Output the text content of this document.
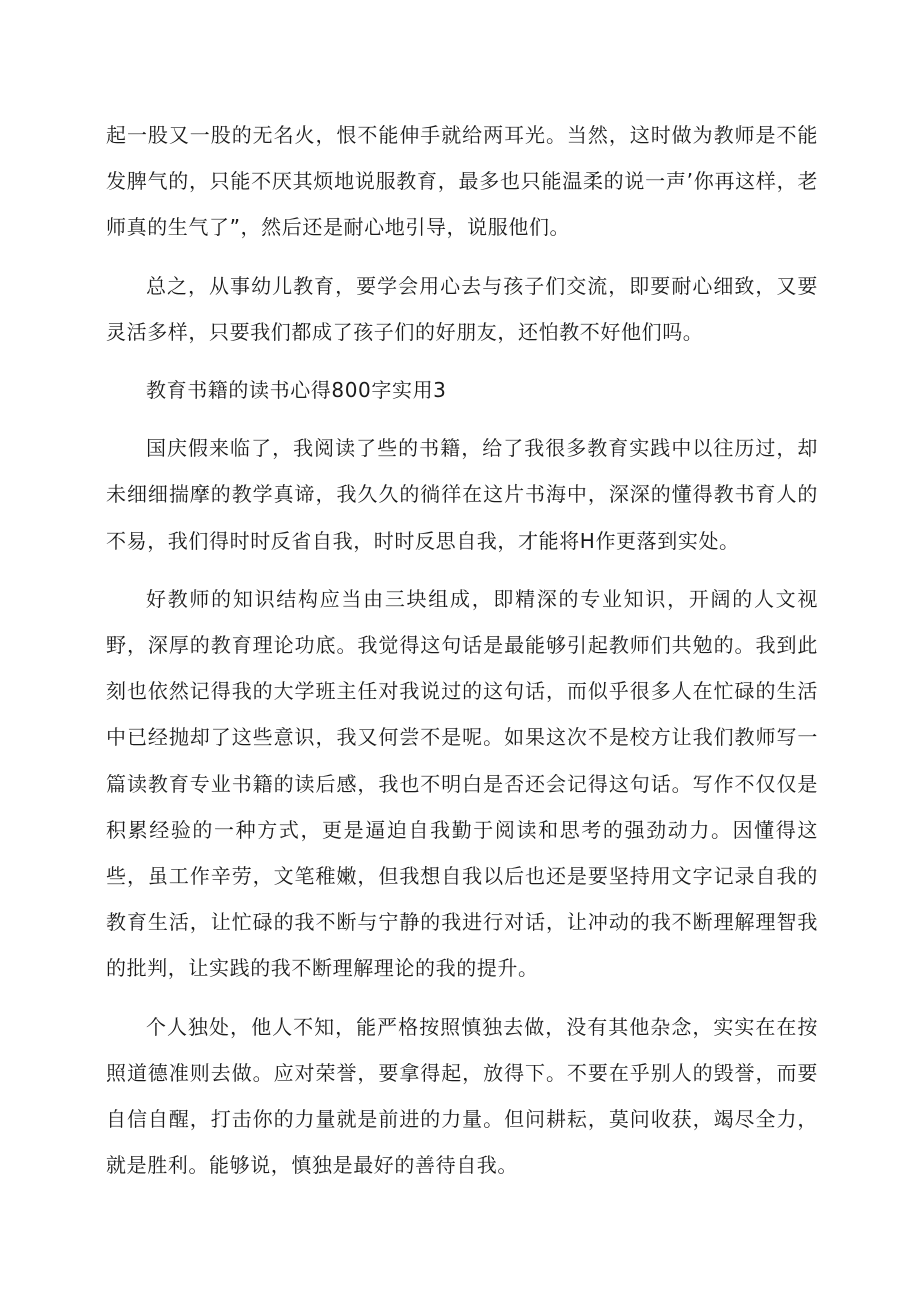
起一股又一股的无名火，恨不能伸手就给两耳光。当然，这时做为教师是不能发脾气的，只能不厌其烦地说服教育，最多也只能温柔的说一声’你再这样，老师真的生气了”，然后还是耐心地引导，说服他们。

总之，从事幼儿教育，要学会用心去与孩子们交流，即要耐心细致，又要灵活多样，只要我们都成了孩子们的好朋友，还怕教不好他们吗。

教育书籍的读书心得800字实用3

国庆假来临了，我阅读了些的书籍，给了我很多教育实践中以往历过，却未细细揣摩的教学真谛，我久久的徜徉在这片书海中，深深的懂得教书育人的不易，我们得时时反省自我，时时反思自我，才能将H作更落到实处。

好教师的知识结构应当由三块组成，即精深的专业知识，开阔的人文视野，深厚的教育理论功底。我觉得这句话是最能够引起教师们共勉的。我到此刻也依然记得我的大学班主任对我说过的这句话，而似乎很多人在忙碌的生活中已经抛却了这些意识，我又何尝不是呢。如果这次不是校方让我们教师写一篇读教育专业书籍的读后感，我也不明白是否还会记得这句话。写作不仅仅是积累经验的一种方式，更是逼迫自我勤于阅读和思考的强劲动力。因懂得这些，虽工作辛劳，文笔稚嫩，但我想自我以后也还是要坚持用文字记录自我的教育生活，让忙碌的我不断与宁静的我进行对话，让冲动的我不断理解理智我的批判，让实践的我不断理解理论的我的提升。

个人独处，他人不知，能严格按照慎独去做，没有其他杂念，实实在在按照道德准则去做。应对荣誉，要拿得起，放得下。不要在乎别人的毁誉，而要自信自醒，打击你的力量就是前进的力量。但问耕耘，莫问收获，竭尽全力，就是胜利。能够说，慎独是最好的善待自我。
